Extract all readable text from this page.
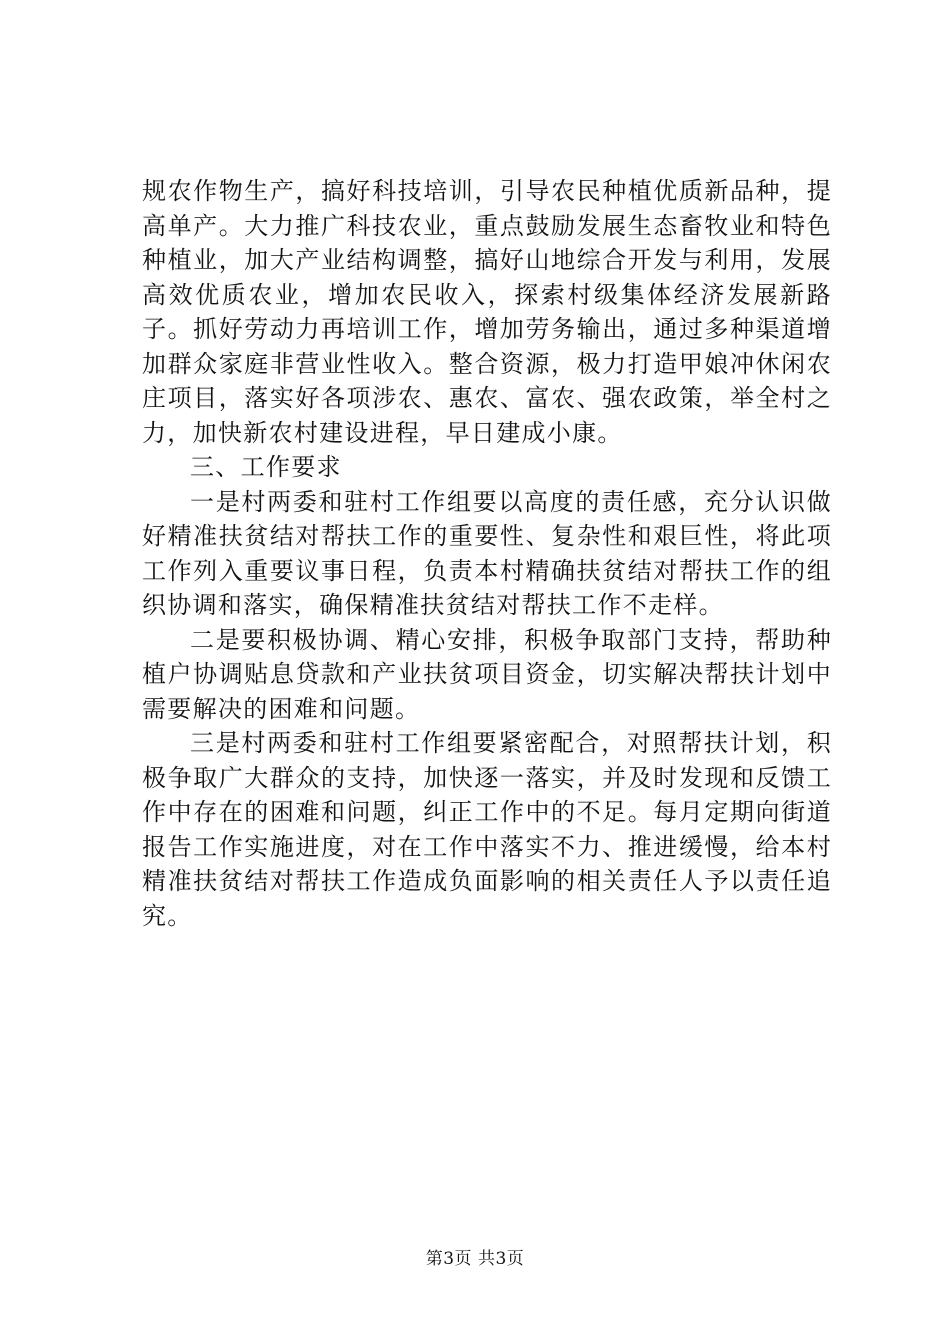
规农作物生产，搞好科技培训，引导农民种植优质新品种，提高单产。大力推广科技农业，重点鼓励发展生态畜牧业和特色种植业，加大产业结构调整，搞好山地综合开发与利用，发展高效优质农业，增加农民收入，探索村级集体经济发展新路子。抓好劳动力再培训工作，增加劳务输出，通过多种渠道增加群众家庭非营业性收入。整合资源，极力打造甲娘冲休闲农庄项目，落实好各项涉农、惠农、富农、强农政策，举全村之力，加快新农村建设进程，早日建成小康。

三、工作要求

一是村两委和驻村工作组要以高度的责任感，充分认识做好精准扶贫结对帮扶工作的重要性、复杂性和艰巨性，将此项工作列入重要议事日程，负责本村精确扶贫结对帮扶工作的组织协调和落实，确保精准扶贫结对帮扶工作不走样。

二是要积极协调、精心安排，积极争取部门支持，帮助种植户协调贴息贷款和产业扶贫项目资金，切实解决帮扶计划中需要解决的困难和问题。

三是村两委和驻村工作组要紧密配合，对照帮扶计划，积极争取广大群众的支持，加快逐一落实，并及时发现和反馈工作中存在的困难和问题，纠正工作中的不足。每月定期向街道报告工作实施进度，对在工作中落实不力、推进缓慢，给本村精准扶贫结对帮扶工作造成负面影响的相关责任人予以责任追究。

第3页 共3页
